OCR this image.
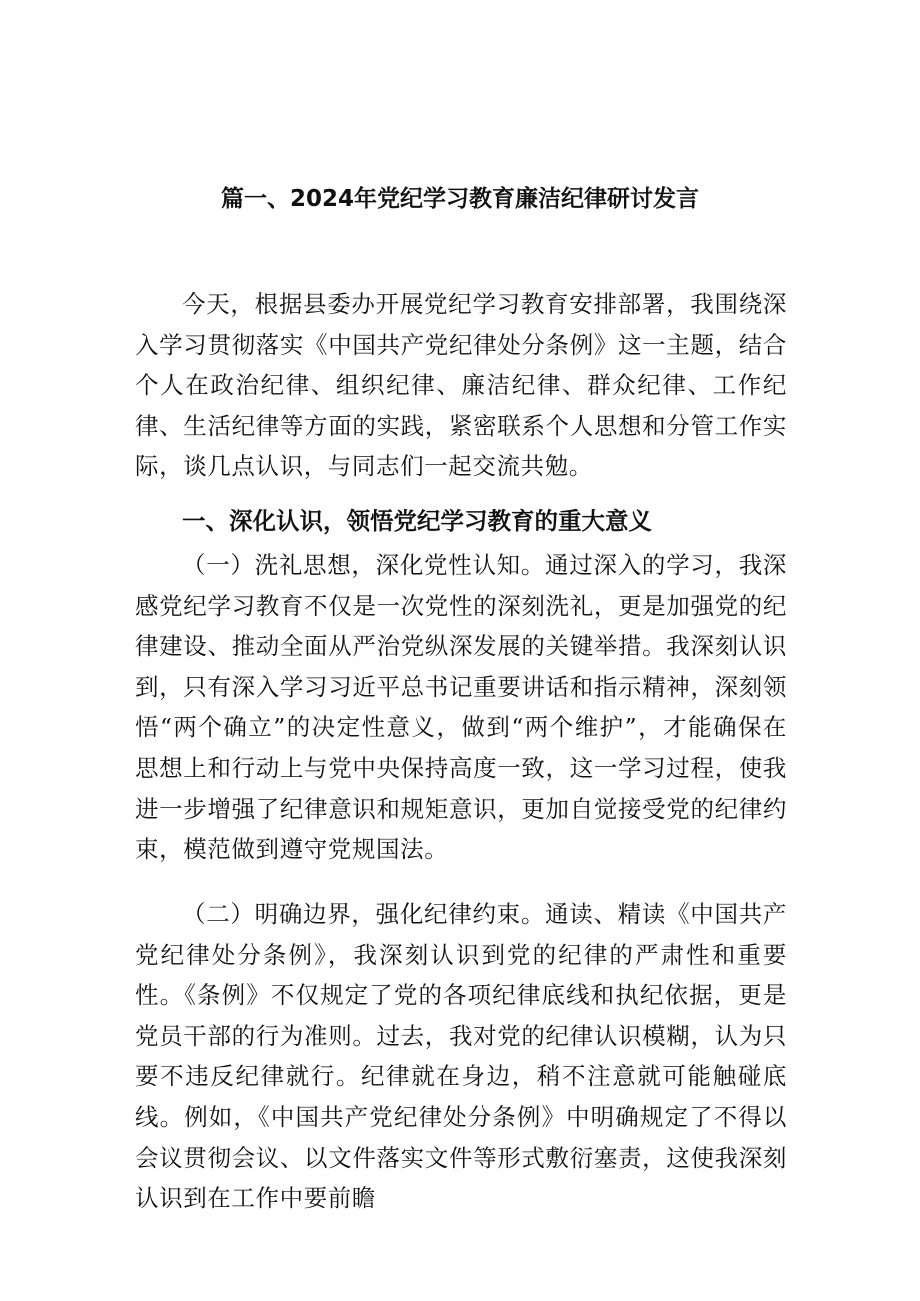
篇一、2024年党纪学习教育廉洁纪律研讨发言

今天，根据县委办开展党纪学习教育安排部署，我围绕深入学习贯彻落实《中国共产党纪律处分条例》这一主题，结合个人在政治纪律、组织纪律、廉洁纪律、群众纪律、工作纪律、生活纪律等方面的实践，紧密联系个人思想和分管工作实际，谈几点认识，与同志们一起交流共勉。

一、深化认识，领悟党纪学习教育的重大意义

（一）洗礼思想，深化党性认知。通过深入的学习，我深感党纪学习教育不仅是一次党性的深刻洗礼，更是加强党的纪律建设、推动全面从严治党纵深发展的关键举措。我深刻认识到，只有深入学习习近平总书记重要讲话和指示精神，深刻领悟“两个确立”的决定性意义，做到“两个维护”，才能确保在思想上和行动上与党中央保持高度一致，这一学习过程，使我进一步增强了纪律意识和规矩意识，更加自觉接受党的纪律约束，模范做到遵守党规国法。

（二）明确边界，强化纪律约束。通读、精读《中国共产党纪律处分条例》，我深刻认识到党的纪律的严肃性和重要性。《条例》不仅规定了党的各项纪律底线和执纪依据，更是党员干部的行为准则。过去，我对党的纪律认识模糊，认为只要不违反纪律就行。纪律就在身边，稍不注意就可能触碰底线。例如，《中国共产党纪律处分条例》中明确规定了不得以会议贯彻会议、以文件落实文件等形式敷衍塞责，这使我深刻认识到在工作中要前瞻
